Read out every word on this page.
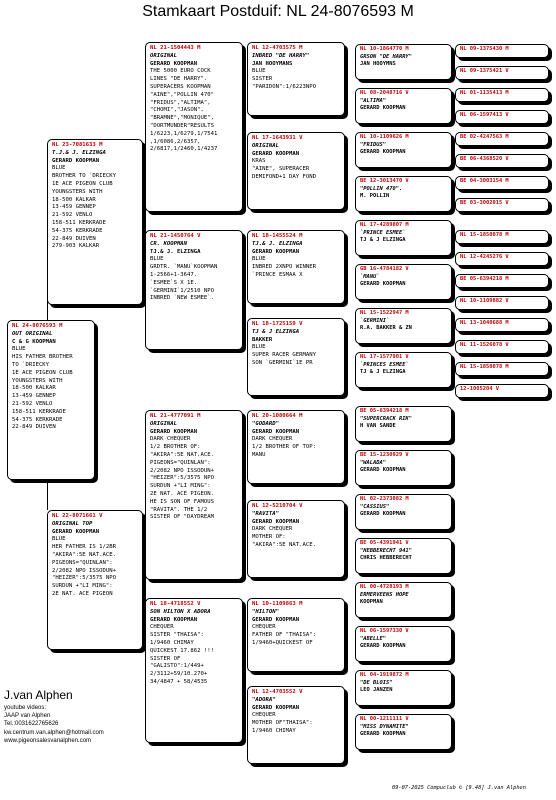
Stamkaart Postduif: NL 24-8076593 M
NL 24-8076593 M
OUT ORIGINAL
C & G KOOPMAN
BLUE
HIS FATHER BROTHER
TO `DRIECKY
1E ACE PIGEON CLUB
YOUNGSTERS WITH
18-500 KALKAR
13-459 GENNEP
21-592 VENLO
158-511 KERKRADE
54-375 KERKRADE
22-849 DUIVEN
NL 23-7081633 M
T.J.& J. ELZINGA
GERARD KOOPMAN
BLUE
BROTHER TO `DRIECKY
1E ACE PIGEON CLUB
YOUNGSTERS WITH
18-500 KALKAR
13-459 GENNEP
21-592 VENLO
158-511 KERKRADE
54-375 KERKRADE
22-849 DUIVEN
279-903 KALKAR
NL 22-8071661 V
ORIGINAL TOP
GERARD KOOPMAN
BLUE
HER FATHER IS 1/2BR
"AKIRA":5E NAT.ACE.
PIGEONS="QUINLAN":
2/2082 NPO ISSODUN+
"HEIZER":5/3575 NPO
SURDUN +"LI MING":
2E NAT. ACE PIGEON
NL 21-1504443 M
ORIGINAL
GERARD KOOPMAN
THE 5000 EURO COCK
LINES "DE HARRY".
SUPERACERS KOOPMAN
"AINE","POLLIN 470"
"FRIDUS","ALTIMA",
"CHOMI","JASON",
"BRAMNE","MONIQUE",
"DORTMUNDER"RESULTS
1/6223,1/6279,1/7541
,1/6086,2/6357,
2/6817,1/2460,1/4237
NL 21-1450764 V
CR. KOOPMAN
TJ.& J. ELZINGA
BLUE
GRDTR. `MANU`KOOPMAN
1-2566+1-3647.
`ESMEE`S X 1E.
`GERMINI`1/2510 NPO
INBRED `NEW ESMEE`.
NL 21-4777091 M
ORIGINAL
GERARD KOOPMAN
DARK CHEQUER
1/2 BROTHER OF:
"AKIRA":5E NAT.ACE.
PIGEONS="QUINLAN":
2/2082 NPO ISSODUN+
"HEIZER":5/3575 NPO
SURDUN +"LI MING":
2E NAT. ACE PIGEON.
HE IS SON OF FAMOUS
"RAVITA". THE 1/2
SISTER OF "DAYDREAM
NL 18-4718552 V
SON HILTON X ADORA
GERARD KOOPMAN
CHEQUER
SISTER "THAISA":
1/9460 CHIMAY
QUICKEST 17.862 !!!
SISTER OF
"GALISTO":1/449+
2/3112+59/10.270+
34/4847 + 58/4535
NL 12-4703575 M
INBRED "DE HARRY"
JAN HOOYMANS
BLUE
SISTER
"PARIDON":1/6223NPO
NL 17-1643931 V
ORIGINAL
GERARD KOOPMAN
KRAS
"AINE", SUPERACER
DEMIFOND+1 DAY FOND
NL 18-1455524 M
TJ.& J. ELZINGA
GERARD KOOPMAN
BLUE
INBRED 2XNPO WINNER
`PRINCE ESMAA X
NL 18-1725159 V
TJ & J ELZINGA
BAKKER
BLUE
SUPER RACER GERMANY
SON `GERMINI`1E PR
NL 20-1080664 M
"GODARD"
GERARD KOOPMAN
DARK CHEQUER
1/2 BROTHER OF TOP:
MANU
NL 12-5210704 V
"RAVITA"
GERARD KOOPMAN
DARK CHEQUER
MOTHER OF:
"AKIRA":5E NAT.ACE.
NL 10-1109863 M
"HILTON"
GERARD KOOPMAN
CHEQUER
FATHER OF "THAISA":
1/9460+QUICKEST OF
NL 12-4703552 V
"ADORA"
GERARD KOOPMAN
CHEQUER
MOTHER OF"THAISA":
1/9460 CHIMAY
NL 10-1864770 M

GRSON "DE HARRY"
JAN HOOYMNS
NL 08-2048716 V

"ALTIMA"
GERARD KOOPMAN
NL 10-1109626 M

"FRIDUS"
GERARD KOOPMAN
BE 12-3013470 V

"POLLIN 470".
M. POLLIN
NL 17-4289807 M

`PRINCE ESMEE`
TJ & J ELZINGA
GB 16-4784182 V

`MANU`
GERARD KOOPMAN
NL 15-1522947 M

`GERMINI`
R.A. BAKKER & ZN
NL 17-1577901 V

`PRINCES ESMEE`
TJ & J ELZINGA
BE 05-6394218 M

"SUPERCRACK RIK"
H VAN SANDE
BE 15-1230929 V

"WALADA"
GERARD KOOPMAN
NL 02-2373082 M

"CASSIUS"
GERARD KOOPMAN
BE 05-4391941 V

"HEBBERECHT 941"
CHRIS HEBBERECHT
NL 00-4728193 M

ERMERVEENS HOPE
KOOPMAN
NL 06-1597330 V

"ABELLE"
GERARD KOOPMAN
NL 04-1919872 M

"DE BLOIS"
LEO JANZEN
NL 00-1211111 V

"MISS DYNAMITE"
GERARD KOOPMAN
NL 09-1375430 M
NL 09-1375421 V
NL 01-1135413 M
NL 06-1597413 V
BE 02-4247563 M
BE 06-4368520 V
BE 04-3003154 M
BE 03-3002015 V
NL 15-1850078 M
NL 12-4245276 V
BE 05-6394218 M
NL 10-1109882 V
NL 13-1040688 M
NL 11-1526078 V
NL 15-1850078 M
12-1005204 V
J.van Alphen
youtube videos:
JAAP van Alphen
Tel.:0031622765626
kw.centrum.van.alphen@hotmail.com
www.pigeonsalesvanalphen.com
09-07-2025 Compuclub © [9.48] J.van Alphen
